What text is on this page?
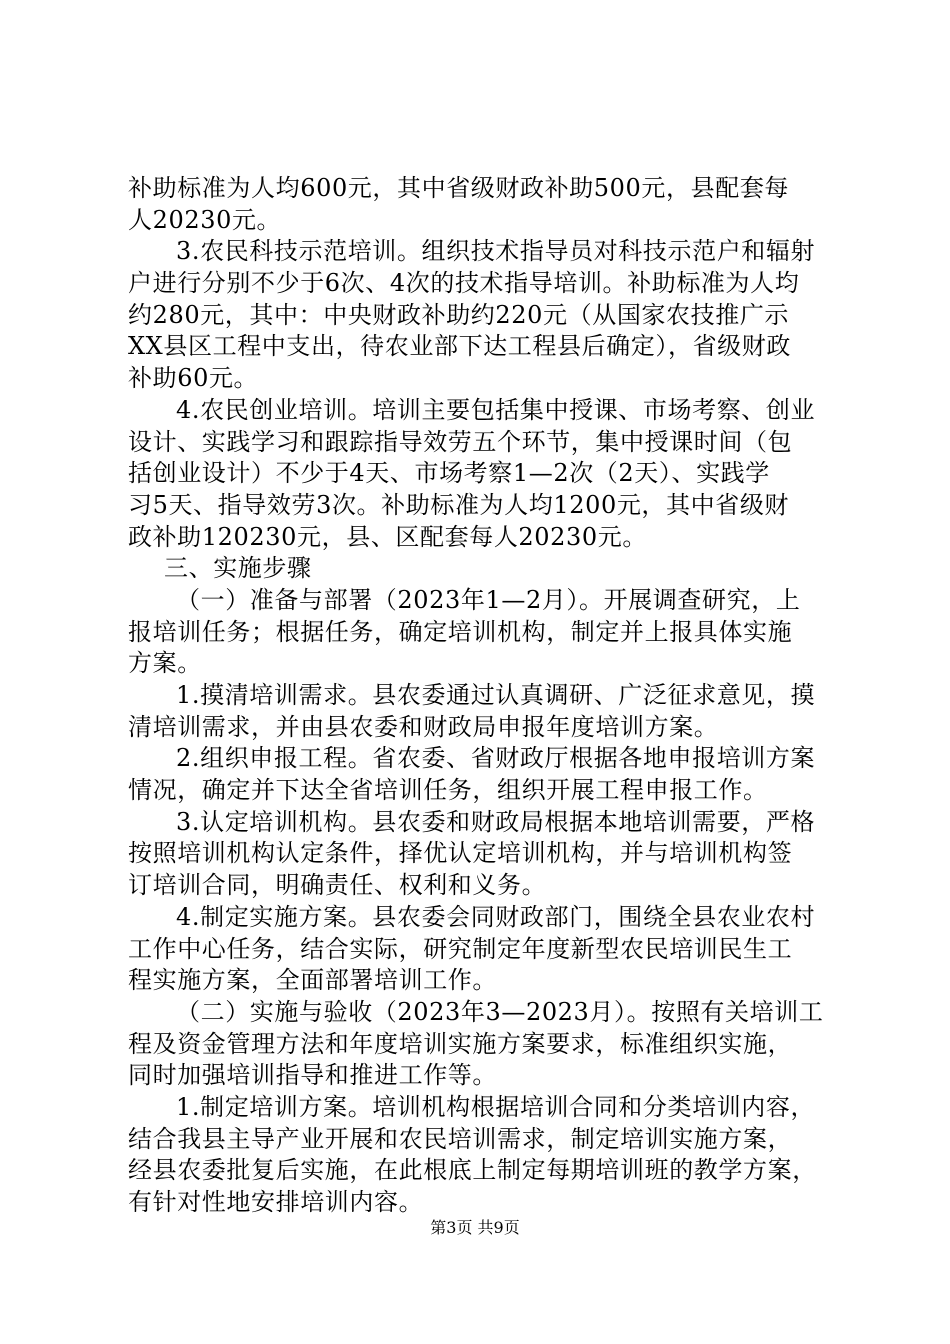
补助标准为人均600元，其中省级财政补助500元，县配套每
人20230元。
3.农民科技示范培训。组织技术指导员对科技示范户和辐射
户进行分别不少于6次、4次的技术指导培训。补助标准为人均
约280元，其中：中央财政补助约220元（从国家农技推广示
XX县区工程中支出，待农业部下达工程县后确定），省级财政
补助60元。
4.农民创业培训。培训主要包括集中授课、市场考察、创业
设计、实践学习和跟踪指导效劳五个环节，集中授课时间（包
括创业设计）不少于4天、市场考察1—2次（2天）、实践学
习5天、指导效劳3次。补助标准为人均1200元，其中省级财
政补助120230元，县、区配套每人20230元。
三、实施步骤
（一）准备与部署（2023年1—2月）。开展调查研究，上
报培训任务；根据任务，确定培训机构，制定并上报具体实施
方案。
1.摸清培训需求。县农委通过认真调研、广泛征求意见，摸
清培训需求，并由县农委和财政局申报年度培训方案。
2.组织申报工程。省农委、省财政厅根据各地申报培训方案
情况，确定并下达全省培训任务，组织开展工程申报工作。
3.认定培训机构。县农委和财政局根据本地培训需要，严格
按照培训机构认定条件，择优认定培训机构，并与培训机构签
订培训合同，明确责任、权利和义务。
4.制定实施方案。县农委会同财政部门，围绕全县农业农村
工作中心任务，结合实际，研究制定年度新型农民培训民生工
程实施方案，全面部署培训工作。
（二）实施与验收（2023年3—2023月）。按照有关培训工
程及资金管理方法和年度培训实施方案要求，标准组织实施，
同时加强培训指导和推进工作等。
1.制定培训方案。培训机构根据培训合同和分类培训内容，
结合我县主导产业开展和农民培训需求，制定培训实施方案，
经县农委批复后实施，在此根底上制定每期培训班的教学方案，
有针对性地安排培训内容。
第3页 共9页
